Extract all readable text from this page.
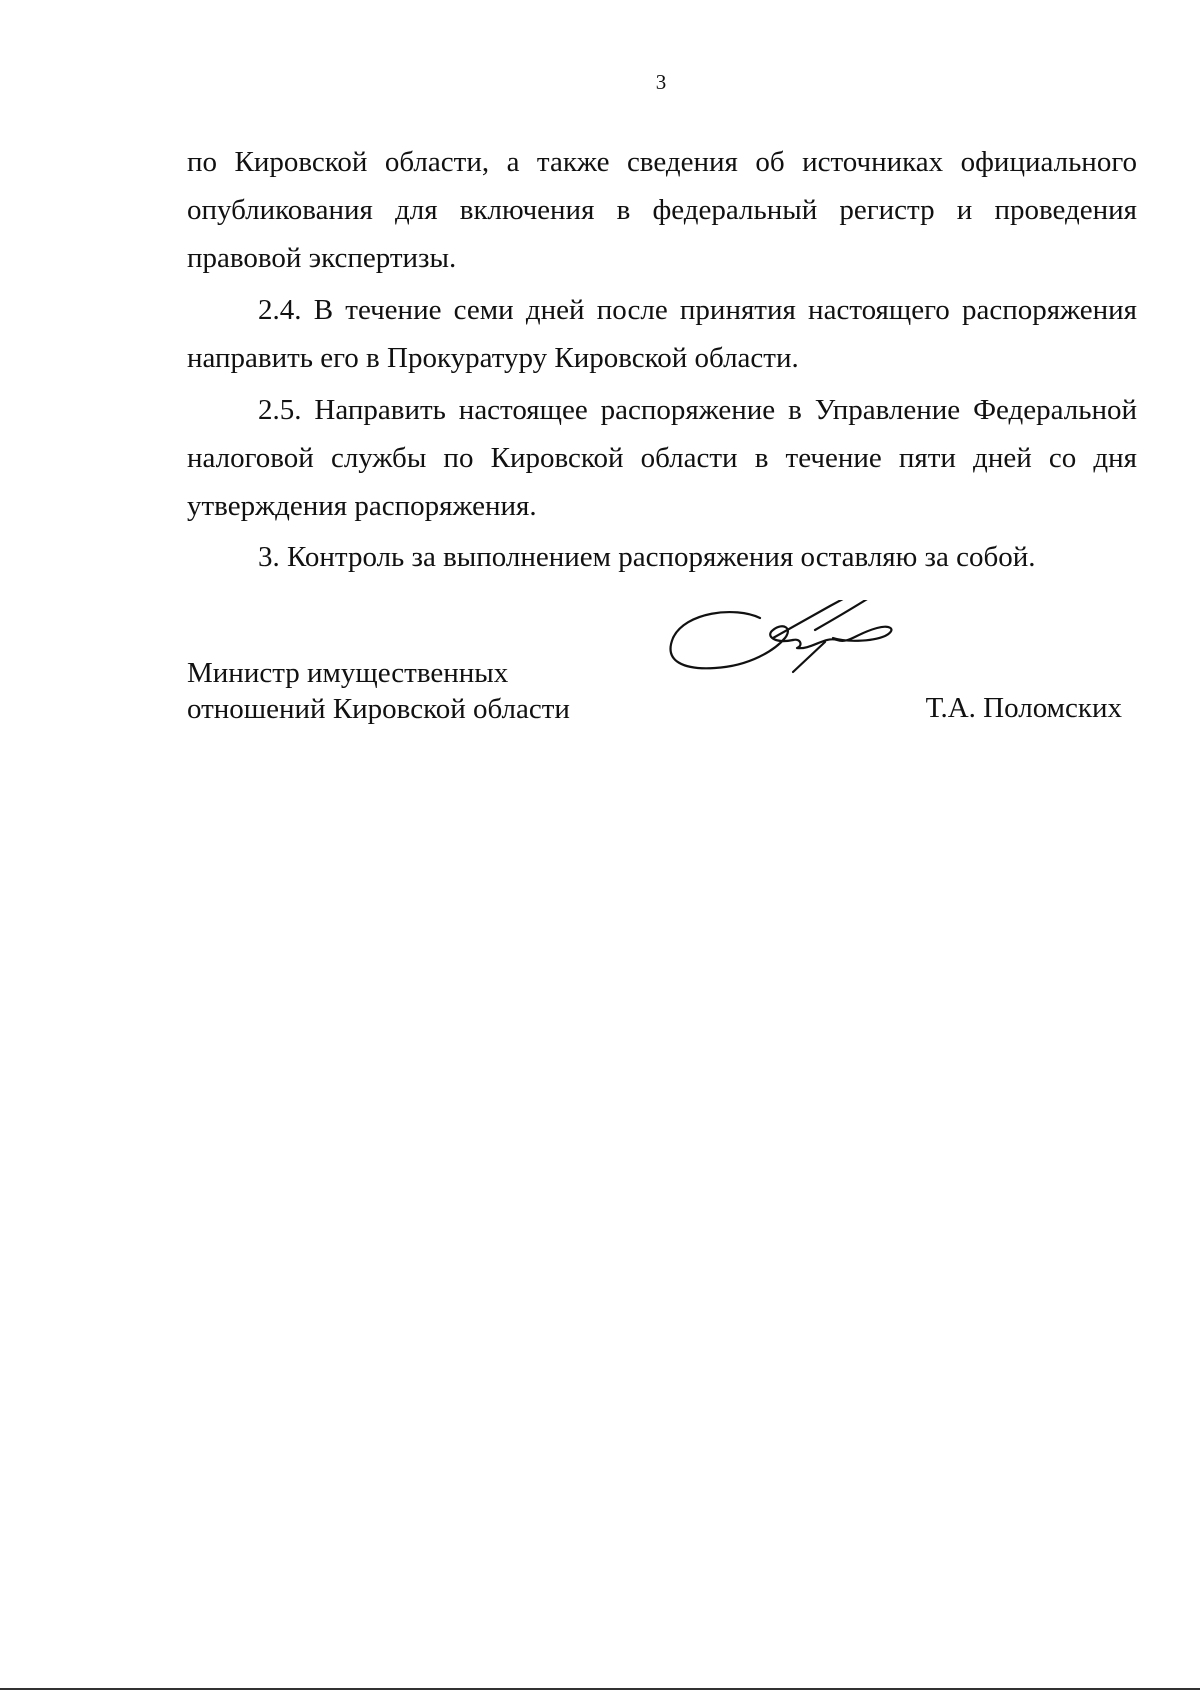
3

по Кировской области, а также сведения об источниках официального опубликования для включения в федеральный регистр и проведения правовой экспертизы.

2.4. В течение семи дней после принятия настоящего распоряжения направить его в Прокуратуру Кировской области.

2.5. Направить настоящее распоряжение в Управление Федеральной налоговой службы по Кировской области в течение пяти дней со дня утверждения распоряжения.

3. Контроль за выполнением распоряжения оставляю за собой.

Министр имущественных
отношений Кировской области	Т.А. Поломских
